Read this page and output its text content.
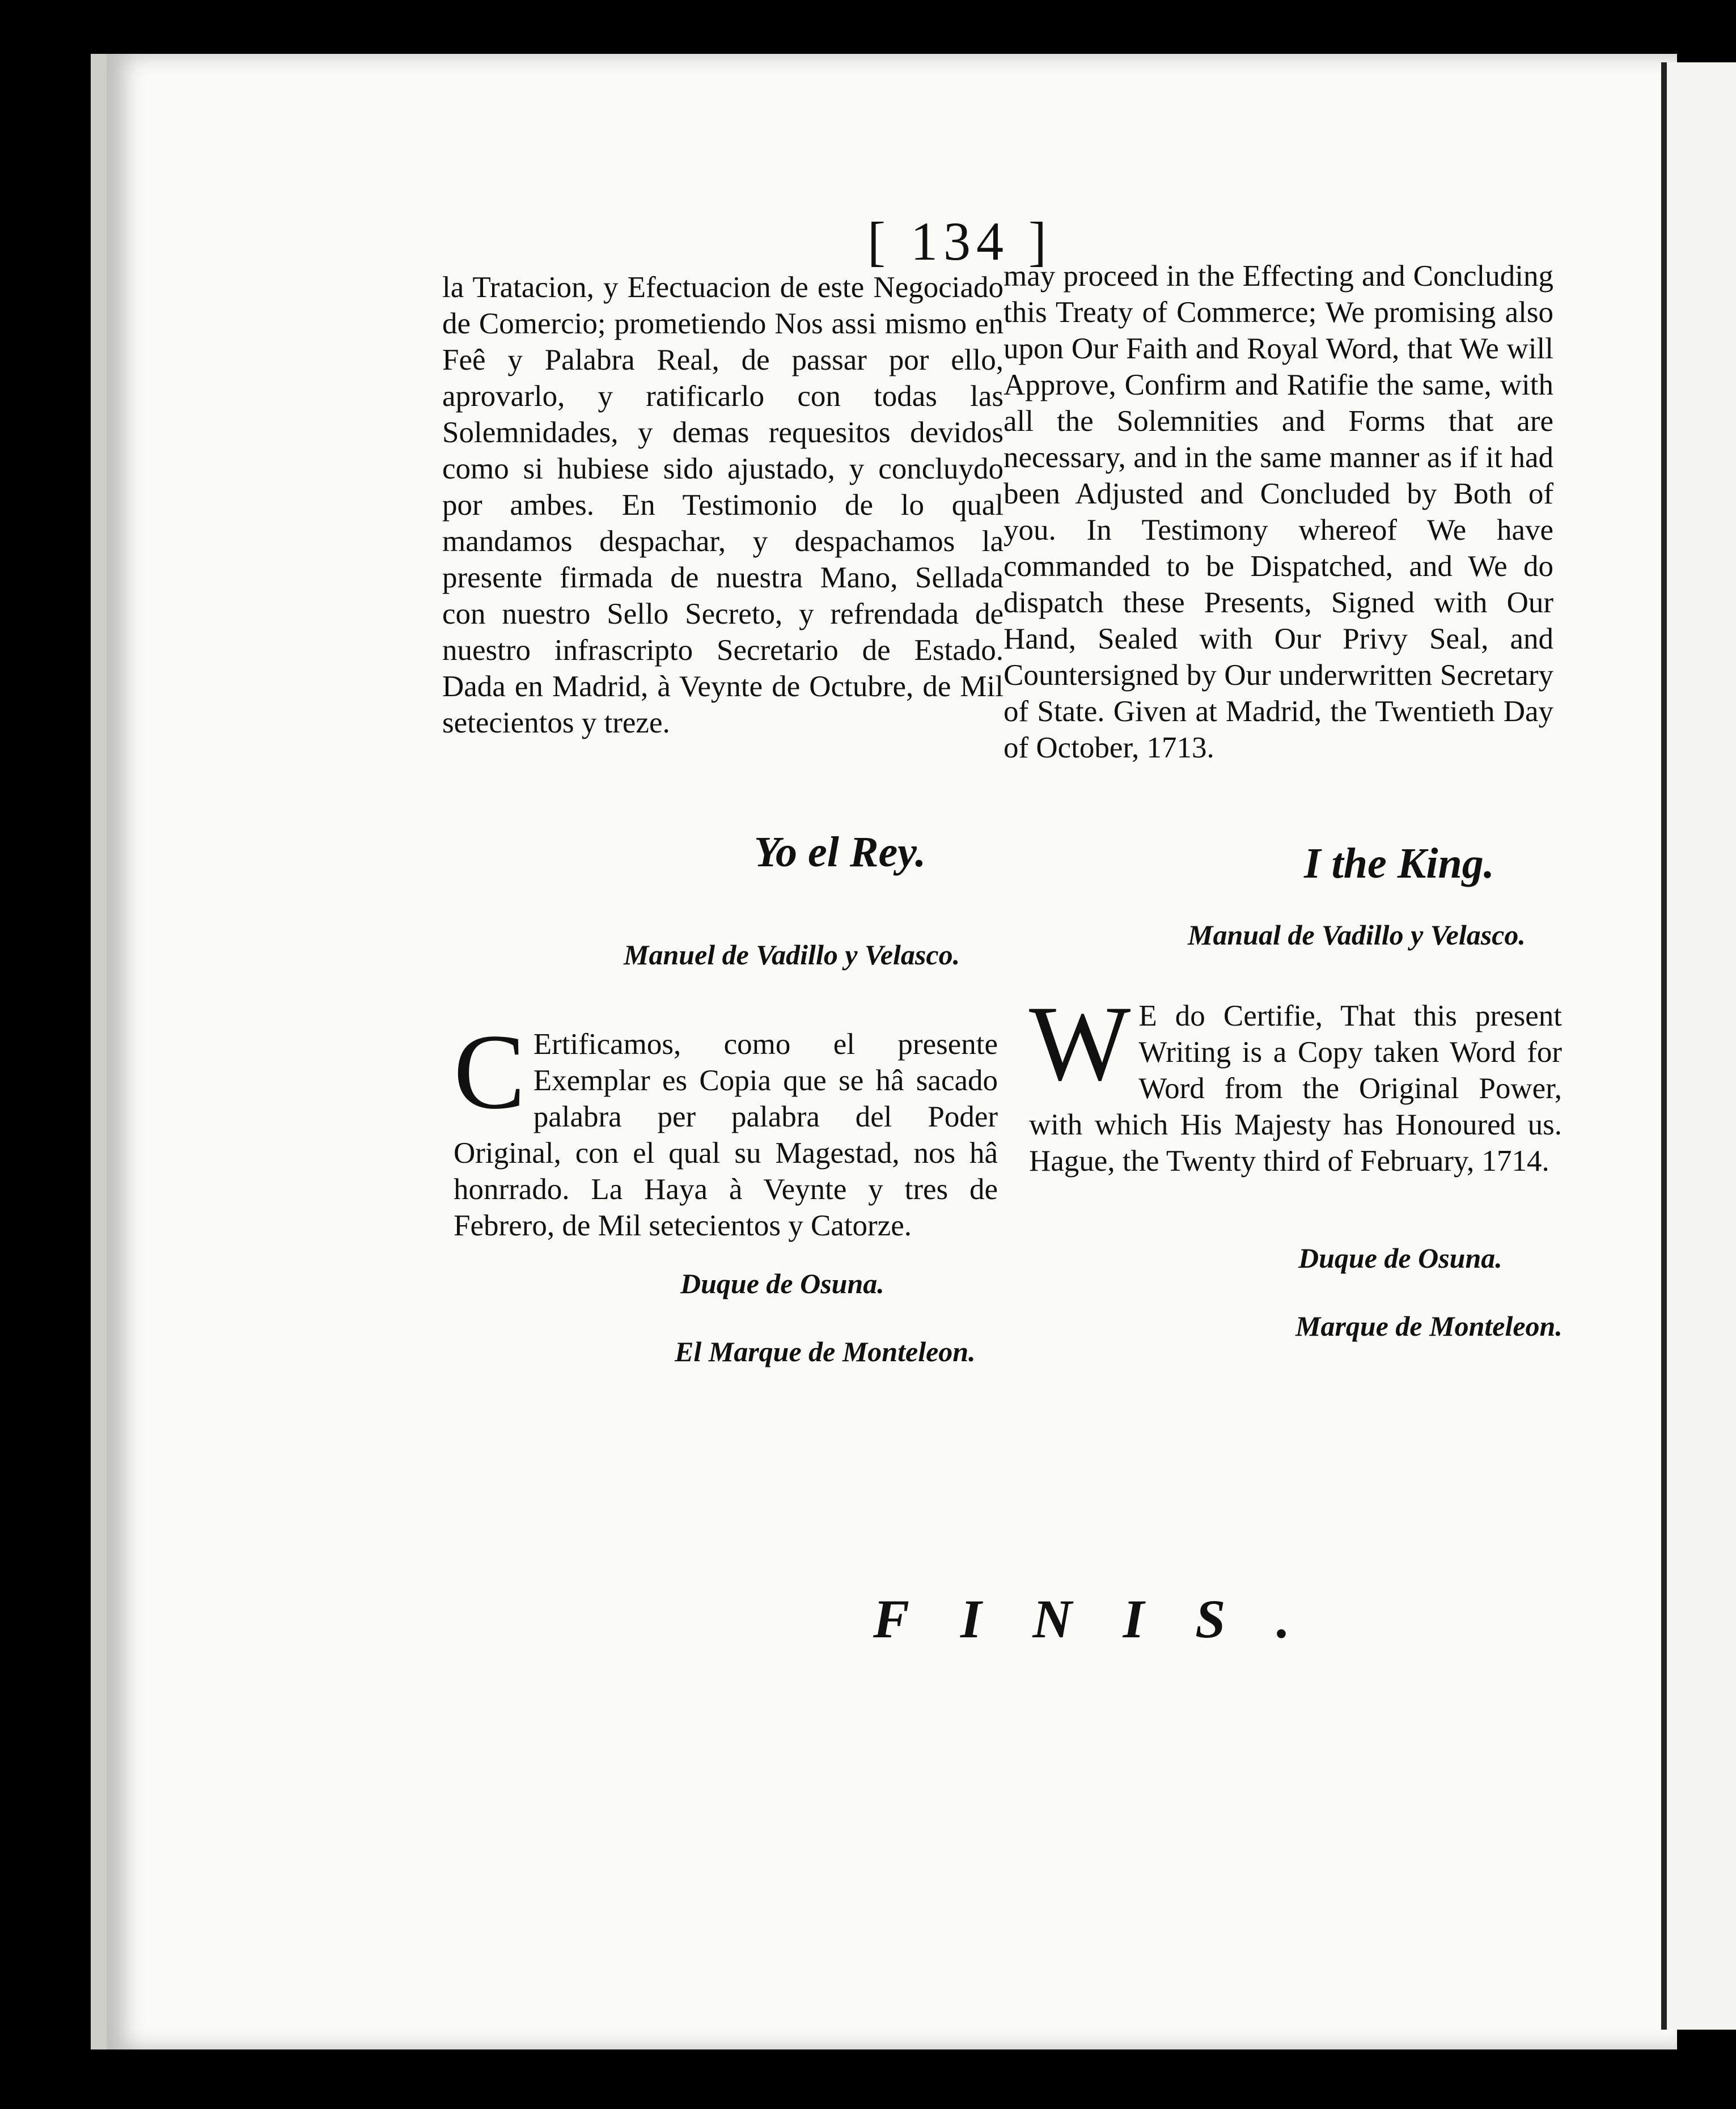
[ 134 ]

la Tratacion, y Efectuacion de este Negociado de Comercio; prometiendo Nos assi mismo en Feê y Palabra Real, de passar por ello, aprovarlo, y ratificarlo con todas las Solemnidades, y demas requesitos devidos como si hubiese sido ajustado, y concluydo por ambes. En Testimonio de lo qual mandamos despachar, y despachamos la presente firmada de nuestra Mano, Sellada con nuestro Sello Secreto, y refrendada de nuestro infrascripto Secretario de Estado. Dada en Madrid, à Veynte de Octubre, de Mil setecientos y treze.

may proceed in the Effecting and Concluding this Treaty of Commerce; We promising also upon Our Faith and Royal Word, that We will Approve, Confirm and Ratifie the same, with all the Solemnities and Forms that are necessary, and in the same manner as if it had been Adjusted and Concluded by Both of you. In Testimony whereof We have commanded to be Dispatched, and We do dispatch these Presents, Signed with Our Hand, Sealed with Our Privy Seal, and Countersigned by Our underwritten Secretary of State. Given at Madrid, the Twentieth Day of October, 1713.

Yo el Rey.	I the King.
Manuel de Vadillo y Velasco.
Manual de Vadillo y Velasco.
C Ertificamos, como el presente Exemplar es Copia que se hâ sacado palabra per palabra del Poder Original, con el qual su Magestad, nos hâ honrrado. La Haya à Veynte y tres de Febrero, de Mil setecientos y Catorze.

W E do Certifie, That this present Writing is a Copy taken Word for Word from the Original Power, with which His Majesty has Honoured us. Hague, the Twenty third of February, 1714.

Duque de Osuna.
Duque de Osuna.
El Marque de Monteleon.
Marque de Monteleon.
FINIS.
